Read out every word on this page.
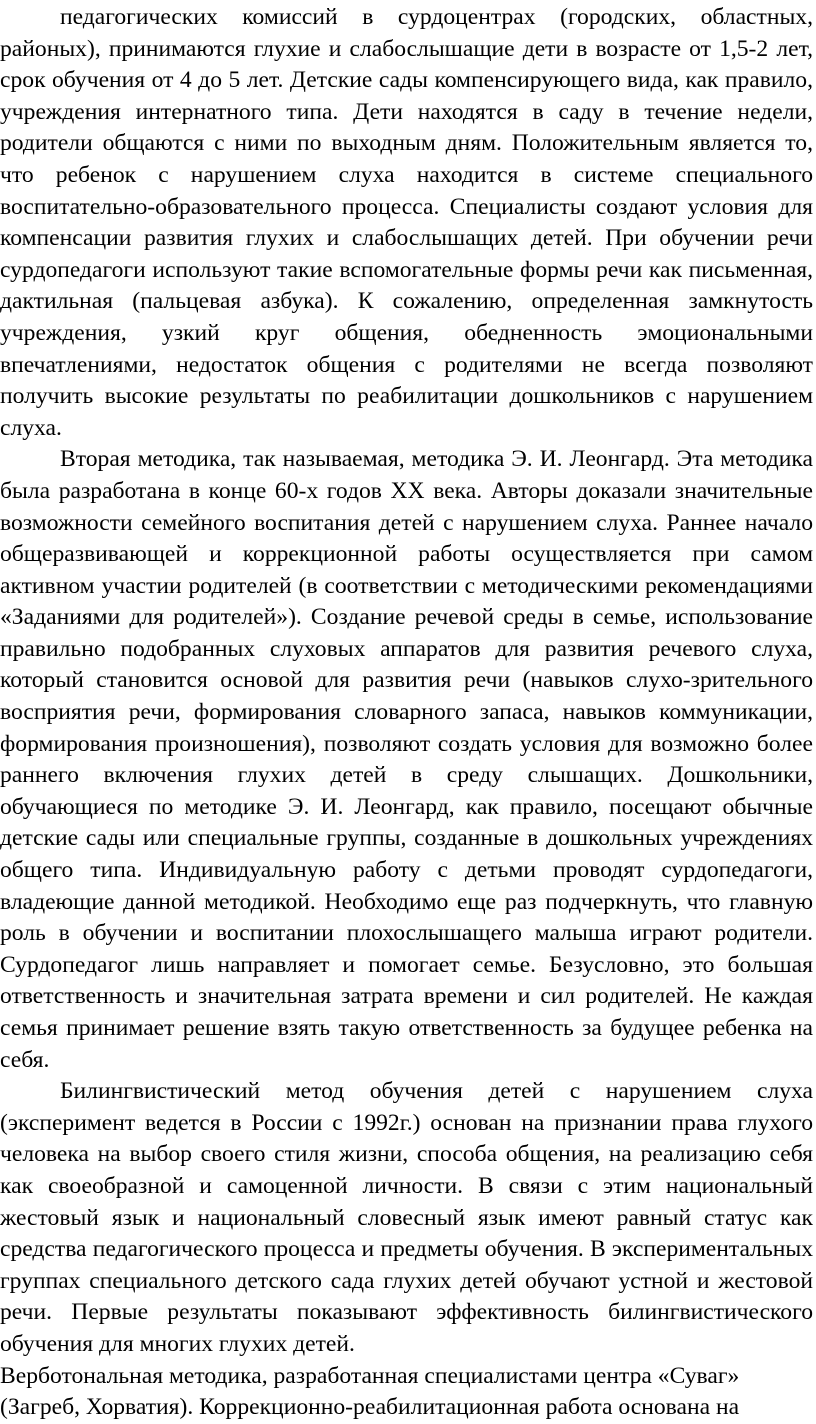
педагогических комиссий в сурдоцентрах (городских, областных, районых), принимаются глухие и слабослышащие дети в возрасте от 1,5-2 лет, срок обучения от 4 до 5 лет. Детские сады компенсирующего вида, как правило, учреждения интернатного типа. Дети находятся в саду в течение недели, родители общаются с ними по выходным дням. Положительным является то, что ребенок с нарушением слуха находится в системе специального воспитательно-образовательного процесса. Специалисты создают условия для компенсации развития глухих и слабослышащих детей. При обучении речи сурдопедагоги используют такие вспомогательные формы речи как письменная, дактильная (пальцевая азбука). К сожалению, определенная замкнутость учреждения, узкий круг общения, обедненность эмоциональными впечатлениями, недостаток общения с родителями не всегда позволяют получить высокие результаты по реабилитации дошкольников с нарушением слуха.

Вторая методика, так называемая, методика Э. И. Леонгард. Эта методика была разработана в конце 60-х годов XX века. Авторы доказали значительные возможности семейного воспитания детей с нарушением слуха. Раннее начало общеразвивающей и коррекционной работы осуществляется при самом активном участии родителей (в соответствии с методическими рекомендациями «Заданиями для родителей»). Создание речевой среды в семье, использование правильно подобранных слуховых аппаратов для развития речевого слуха, который становится основой для развития речи (навыков слухо-зрительного восприятия речи, формирования словарного запаса, навыков коммуникации, формирования произношения), позволяют создать условия для возможно более раннего включения глухих детей в среду слышащих. Дошкольники, обучающиеся по методике Э. И. Леонгард, как правило, посещают обычные детские сады или специальные группы, созданные в дошкольных учреждениях общего типа. Индивидуальную работу с детьми проводят сурдопедагоги, владеющие данной методикой. Необходимо еще раз подчеркнуть, что главную роль в обучении и воспитании плохослышащего малыша играют родители. Сурдопедагог лишь направляет и помогает семье. Безусловно, это большая ответственность и значительная затрата времени и сил родителей. Не каждая семья принимает решение взять такую ответственность за будущее ребенка на себя.

Билингвистический метод обучения детей с нарушением слуха (эксперимент ведется в России с 1992г.) основан на признании права глухого человека на выбор своего стиля жизни, способа общения, на реализацию себя как своеобразной и самоценной личности. В связи с этим национальный жестовый язык и национальный словесный язык имеют равный статус как средства педагогического процесса и предметы обучения. В экспериментальных группах специального детского сада глухих детей обучают устной и жестовой речи. Первые результаты показывают эффективность билингвистического обучения для многих глухих детей.

Верботональная методика, разработанная специалистами центра «Суваг» (Загреб, Хорватия). Коррекционно-реабилитационная работа основана на
